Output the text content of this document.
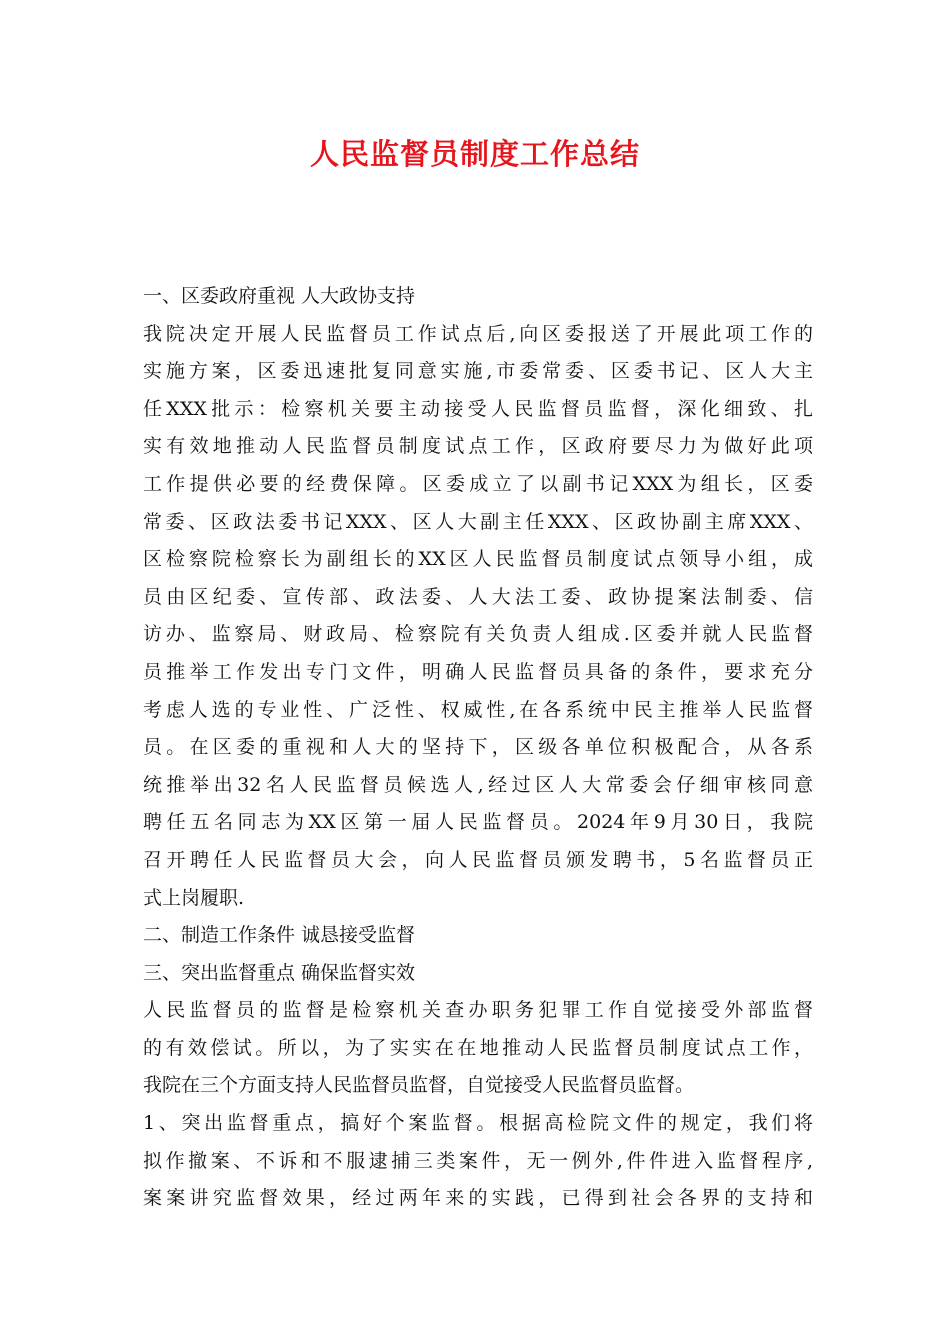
人民监督员制度工作总结
一、区委政府重视 人大政协支持
我院决定开展人民监督员工作试点后,向区委报送了开展此项工作的
实施方案，区委迅速批复同意实施,市委常委、区委书记、区人大主
任XXX批示：检察机关要主动接受人民监督员监督，深化细致、扎
实有效地推动人民监督员制度试点工作，区政府要尽力为做好此项
工作提供必要的经费保障。区委成立了以副书记XXX为组长，区委
常委、区政法委书记XXX、区人大副主任XXX、区政协副主席XXX、
区检察院检察长为副组长的XX区人民监督员制度试点领导小组，成
员由区纪委、宣传部、政法委、人大法工委、政协提案法制委、信
访办、监察局、财政局、检察院有关负责人组成.区委并就人民监督
员推举工作发出专门文件，明确人民监督员具备的条件，要求充分
考虑人选的专业性、广泛性、权威性,在各系统中民主推举人民监督
员。在区委的重视和人大的坚持下，区级各单位积极配合，从各系
统推举出32名人民监督员候选人,经过区人大常委会仔细审核同意
聘任五名同志为XX区第一届人民监督员。2024年9月30日，我院
召开聘任人民监督员大会，向人民监督员颁发聘书，5名监督员正
式上岗履职.
二、制造工作条件 诚恳接受监督
三、突出监督重点 确保监督实效
人民监督员的监督是检察机关查办职务犯罪工作自觉接受外部监督
的有效偿试。所以，为了实实在在地推动人民监督员制度试点工作，
我院在三个方面支持人民监督员监督，自觉接受人民监督员监督。
1、突出监督重点，搞好个案监督。根据高检院文件的规定，我们将
拟作撤案、不诉和不服逮捕三类案件，无一例外,件件进入监督程序,
案案讲究监督效果，经过两年来的实践，已得到社会各界的支持和
